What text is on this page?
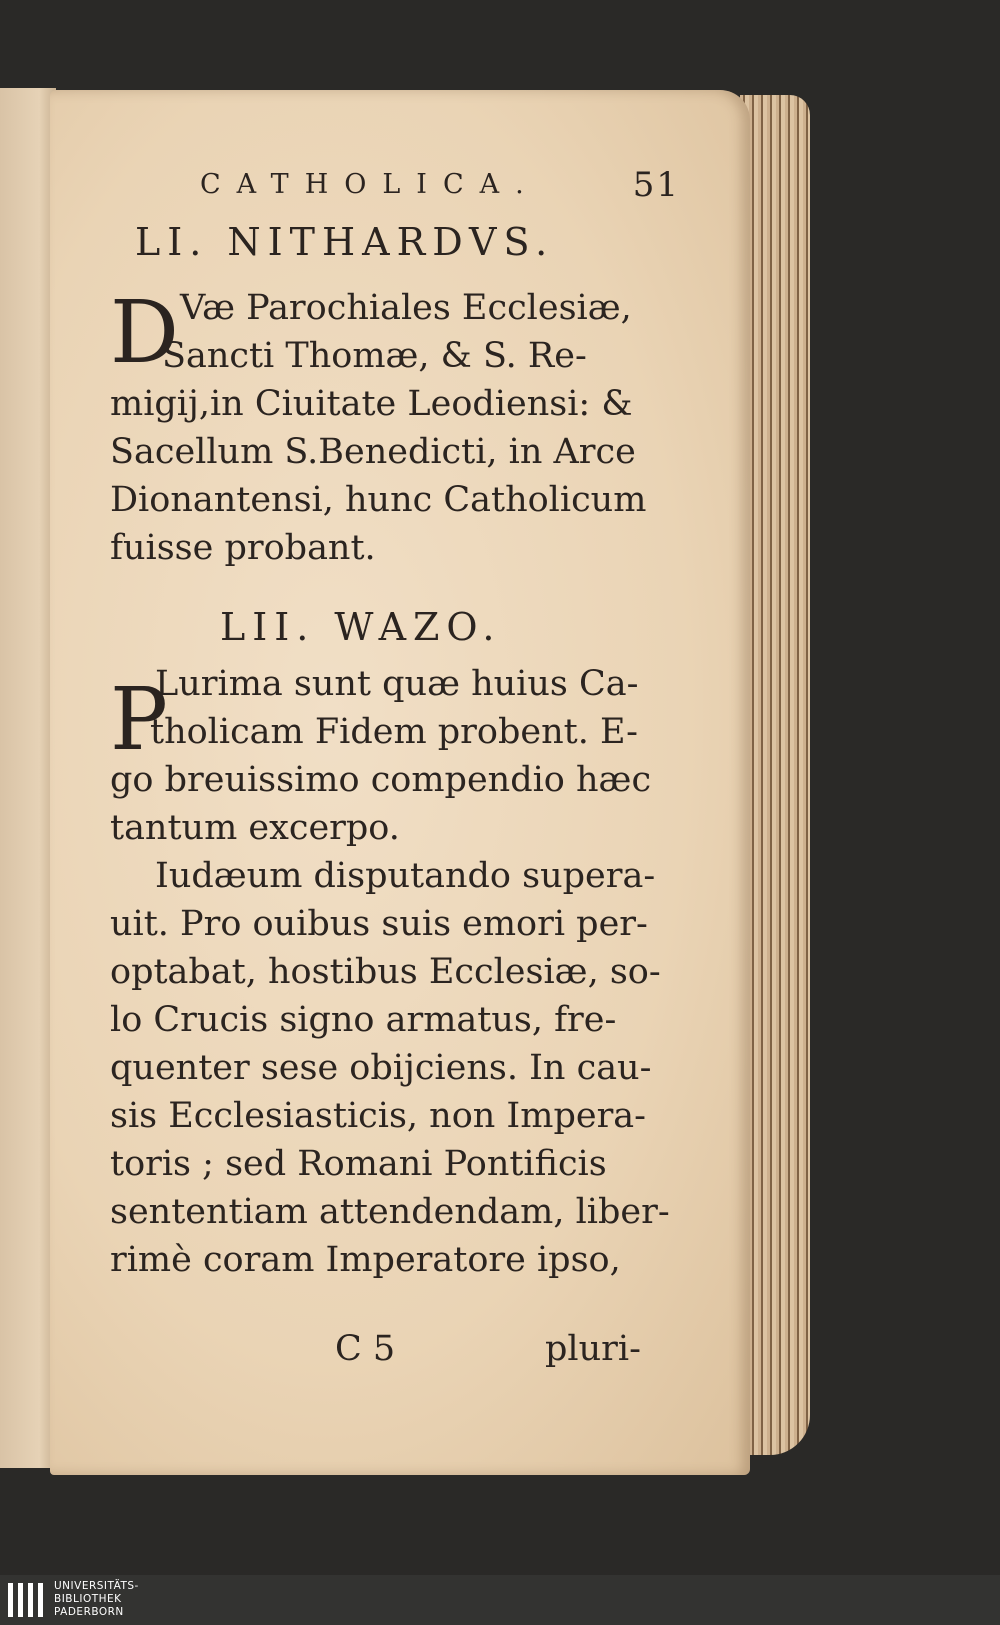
CATHOLICA.	51
LI. NITHARDVS.
D Væ Parochiales Ecclesiæ,
Sancti Thomæ, & S. Re-
migij,in Ciuitate Leodiensi: &
Sacellum S.Benedicti, in Arce
Dionantensi, hunc Catholicum
fuisse probant.
LII. WAZO.
P
Lurima sunt quæ huius Ca-
tholicam Fidem probent. E-
go breuissimo compendio hæc
tantum excerpo.
Iudæum disputando supera-
uit. Pro ouibus suis emori per-
optabat, hostibus Ecclesiæ, so-
lo Crucis signo armatus, fre-
quenter sese obijciens. In cau-
sis Ecclesiasticis, non Impera-
toris ; sed Romani Pontificis
sententiam attendendam, liber-
rimè coram Imperatore ipso,
C 5	pluri-
UNIVERSITÄTS-
BIBLIOTHEK
PADERBORN
